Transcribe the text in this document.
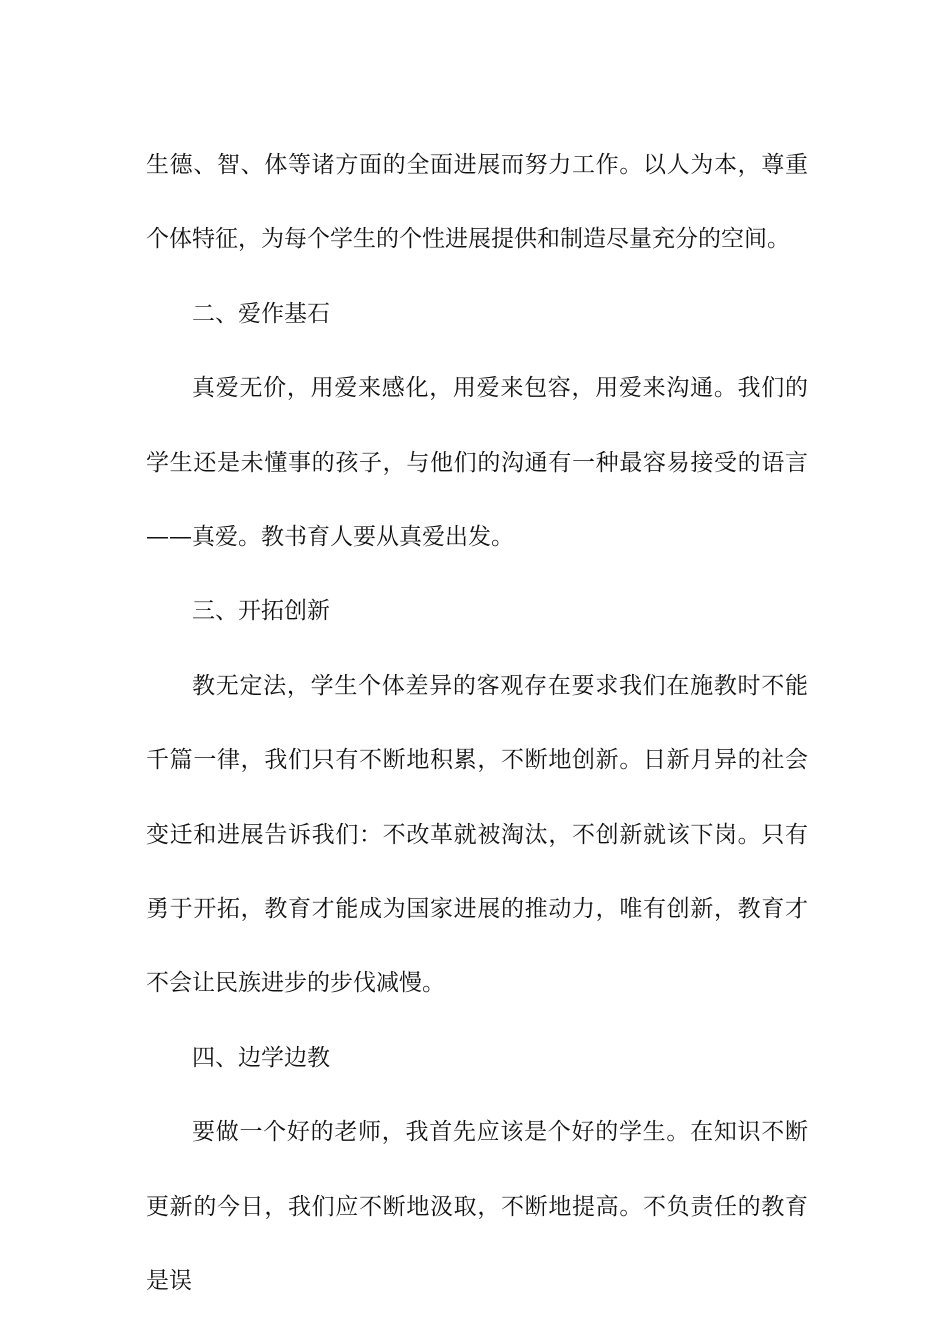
生德、智、体等诸方面的全面进展而努力工作。以人为本，尊重个体特征，为每个学生的个性进展提供和制造尽量充分的空间。

二、爱作基石

真爱无价，用爱来感化，用爱来包容，用爱来沟通。我们的学生还是未懂事的孩子，与他们的沟通有一种最容易接受的语言——真爱。教书育人要从真爱出发。

三、开拓创新

教无定法，学生个体差异的客观存在要求我们在施教时不能千篇一律，我们只有不断地积累，不断地创新。日新月异的社会变迁和进展告诉我们：不改革就被淘汰，不创新就该下岗。只有勇于开拓，教育才能成为国家进展的推动力，唯有创新，教育才不会让民族进步的步伐减慢。

四、边学边教

要做一个好的老师，我首先应该是个好的学生。在知识不断更新的今日，我们应不断地汲取，不断地提高。不负责任的教育是误
